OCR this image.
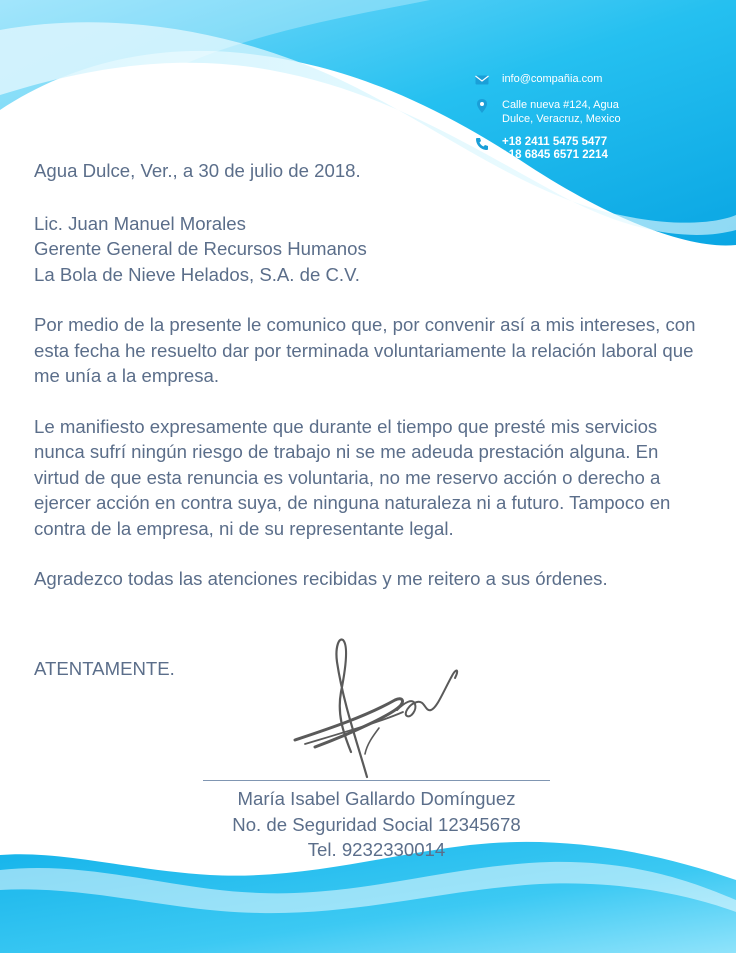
info@compañia.com
Calle nueva #124, Agua
Dulce, Veracruz, Mexico
+18 2411 5475 5477
+18 6845 6571 2214

Agua Dulce, Ver., a 30 de julio de 2018.

Lic. Juan Manuel Morales

Gerente General de Recursos Humanos

La Bola de Nieve Helados, S.A. de C.V.

Por medio de la presente le comunico que, por convenir así a mis intereses, con esta fecha he resuelto dar por terminada voluntariamente la relación laboral que me unía a la empresa.

Le manifiesto expresamente que durante el tiempo que presté mis servicios nunca sufrí ningún riesgo de trabajo ni se me adeuda prestación alguna. En virtud de que esta renuncia es voluntaria, no me reservo acción o derecho a ejercer acción en contra suya, de ninguna naturaleza ni a futuro. Tampoco en contra de la empresa, ni de su representante legal.

Agradezco todas las atenciones recibidas y me reitero a sus órdenes.

ATENTAMENTE.

María Isabel Gallardo Domínguez

No. de Seguridad Social 12345678

Tel. 9232330014
